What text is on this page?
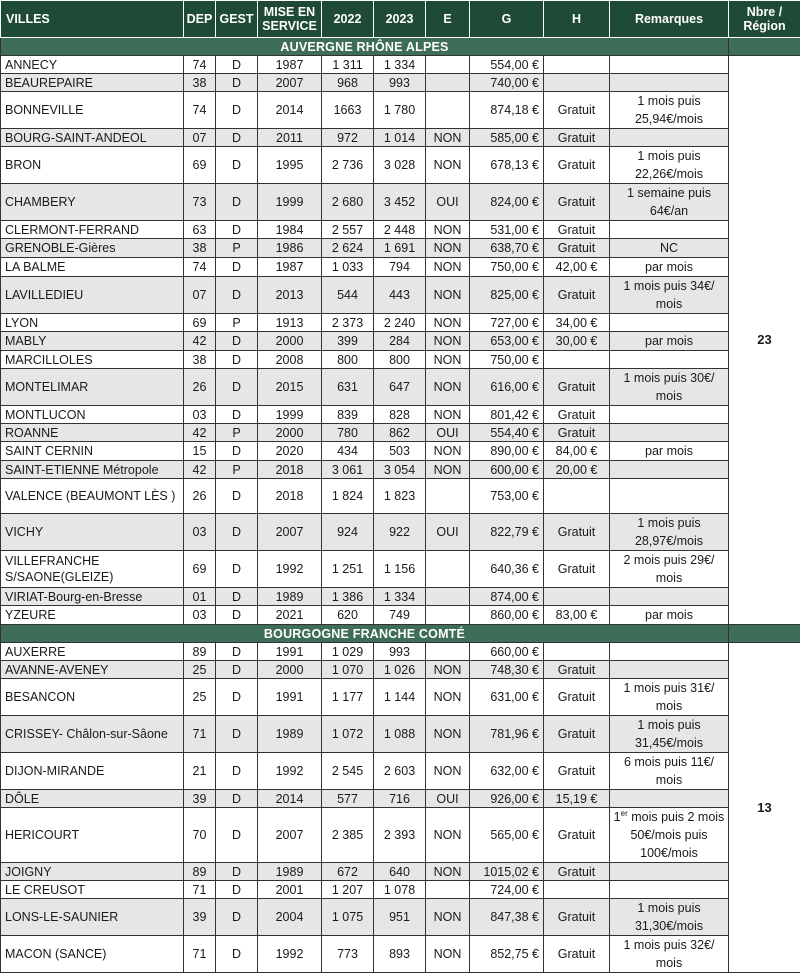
VILLES	DEP	GEST	MISE EN SERVICE	2022	2023	E	G	H	Remarques	Nbre / Région
AUVERGNE RHÔNE ALPES										
ANNECY	74	D	1987	1 311	1 334		554,00 €			23
BEAUREPAIRE	38	D	2007	968	993		740,00 €			
BONNEVILLE	74	D	2014	1663	1 780		874,18 €	Gratuit	1 mois puis 25,94€/mois	
BOURG-SAINT-ANDEOL	07	D	2011	972	1 014	NON	585,00 €	Gratuit		
BRON	69	D	1995	2 736	3 028	NON	678,13 €	Gratuit	1 mois puis 22,26€/mois	
CHAMBERY	73	D	1999	2 680	3 452	OUI	824,00 €	Gratuit	1 semaine puis 64€/an	
CLERMONT-FERRAND	63	D	1984	2 557	2 448	NON	531,00 €	Gratuit		
GRENOBLE-Gières	38	P	1986	2 624	1 691	NON	638,70 €	Gratuit	NC	
LA BALME	74	D	1987	1 033	794	NON	750,00 €	42,00 €	par mois	
LAVILLEDIEU	07	D	2013	544	443	NON	825,00 €	Gratuit	1 mois puis 34€/ mois	
LYON	69	P	1913	2 373	2 240	NON	727,00 €	34,00 €		
MABLY	42	D	2000	399	284	NON	653,00 €	30,00 €	par mois	
MARCILLOLES	38	D	2008	800	800	NON	750,00 €			
MONTELIMAR	26	D	2015	631	647	NON	616,00 €	Gratuit	1 mois puis 30€/ mois	
MONTLUCON	03	D	1999	839	828	NON	801,42 €	Gratuit		
ROANNE	42	P	2000	780	862	OUI	554,40 €	Gratuit		
SAINT CERNIN	15	D	2020	434	503	NON	890,00 €	84,00 €	par mois	
SAINT-ETIENNE Métropole	42	P	2018	3 061	3 054	NON	600,00 €	20,00 €		
VALENCE (BEAUMONT LÈS )	26	D	2018	1 824	1 823		753,00 €			
VICHY	03	D	2007	924	922	OUI	822,79 €	Gratuit	1 mois puis 28,97€/mois	
VILLEFRANCHE S/SAONE(GLEIZE)	69	D	1992	1 251	1 156		640,36 €	Gratuit	2 mois puis 29€/ mois	
VIRIAT-Bourg-en-Bresse	01	D	1989	1 386	1 334		874,00 €			
YZEURE	03	D	2021	620	749		860,00 €	83,00 €	par mois	
BOURGOGNE FRANCHE COMTÉ										
AUXERRE	89	D	1991	1 029	993		660,00 €			13
AVANNE-AVENEY	25	D	2000	1 070	1 026	NON	748,30 €	Gratuit		
BESANCON	25	D	1991	1 177	1 144	NON	631,00 €	Gratuit	1 mois puis 31€/ mois	
CRISSEY- Châlon-sur-Sâone	71	D	1989	1 072	1 088	NON	781,96 €	Gratuit	1 mois puis 31,45€/mois	
DIJON-MIRANDE	21	D	1992	2 545	2 603	NON	632,00 €	Gratuit	6 mois puis 11€/ mois	
DÔLE	39	D	2014	577	716	OUI	926,00 €	15,19 €		
HERICOURT	70	D	2007	2 385	2 393	NON	565,00 €	Gratuit	1er mois puis 2 mois 50€/mois puis 100€/mois	
JOIGNY	89	D	1989	672	640	NON	1015,02 €	Gratuit		
LE CREUSOT	71	D	2001	1 207	1 078		724,00 €			
LONS-LE-SAUNIER	39	D	2004	1 075	951	NON	847,38 €	Gratuit	1 mois puis 31,30€/mois	
MACON (SANCE)	71	D	1992	773	893	NON	852,75 €	Gratuit	1 mois puis 32€/ mois	
